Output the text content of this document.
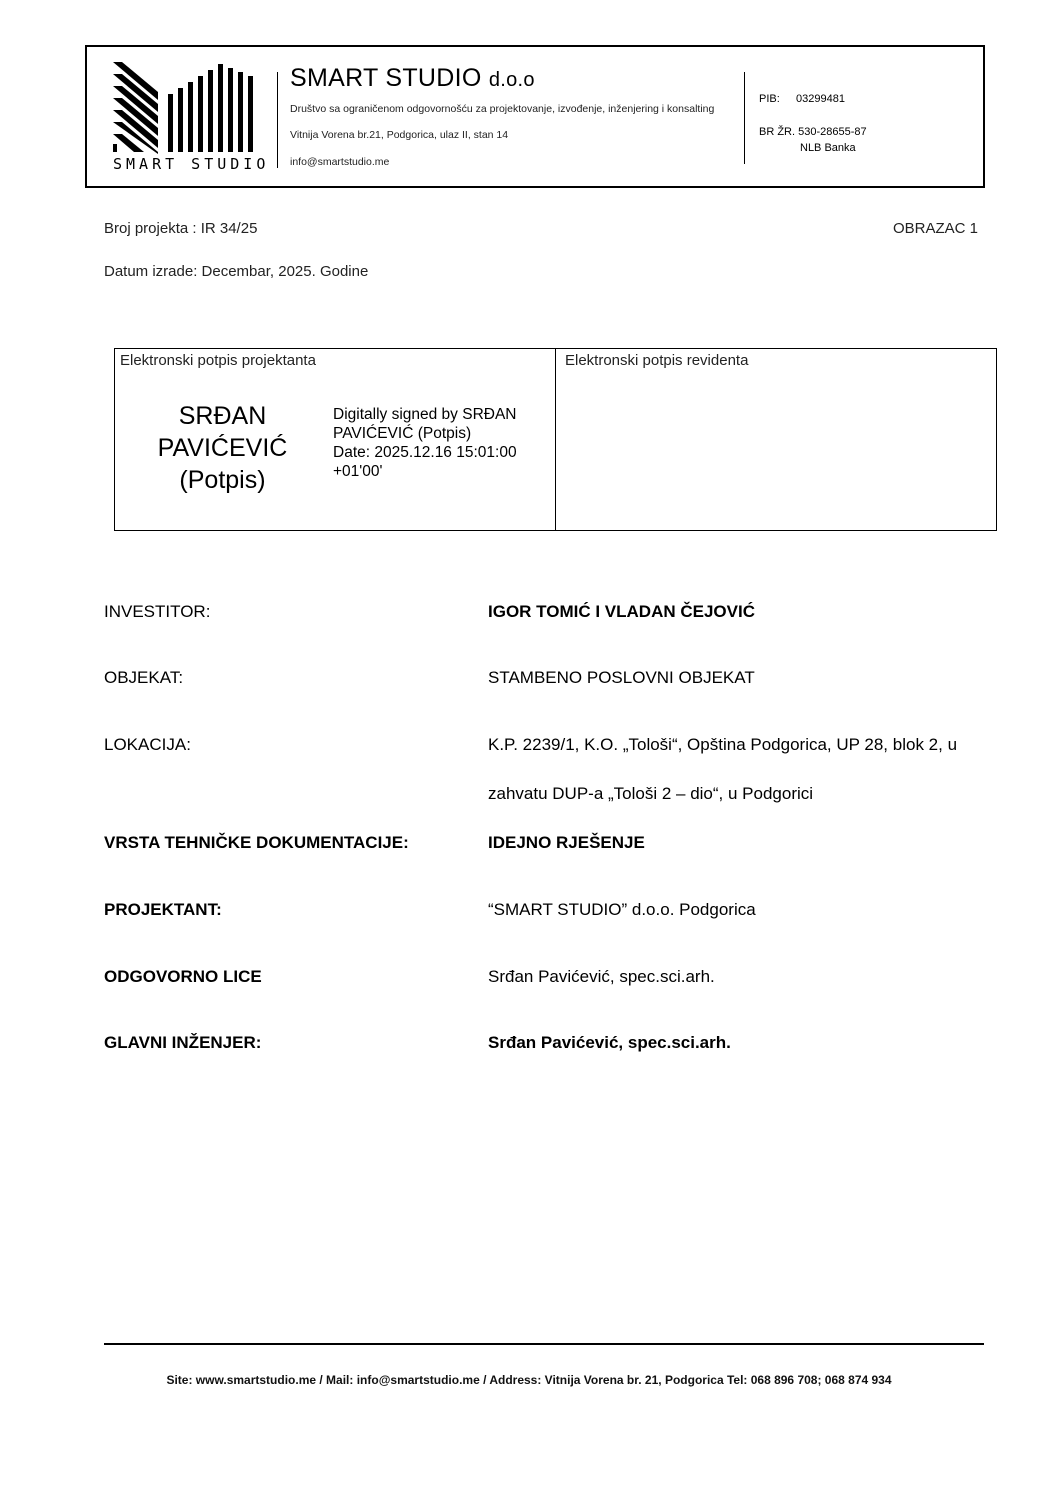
SMART STUDIO
SMART STUDIO d.o.o
Društvo sa ograničenom odgovornošću za projektovanje, izvođenje, inženjering i konsalting
Vitnija Vorena br.21, Podgorica, ulaz II, stan 14
info@smartstudio.me
PIB: 03299481
BR ŽR. 530-28655-87
NLB Banka
Broj projekta : IR 34/25	OBRAZAC 1
Datum izrade: Decembar, 2025. Godine
Elektronski potpis projektanta	Elektronski potpis revidenta
SRĐAN
PAVIĆEVIĆ
(Potpis)
Digitally signed by SRĐAN
PAVIĆEVIĆ (Potpis)
Date: 2025.12.16 15:01:00
+01'00'
INVESTITOR:	IGOR TOMIĆ I VLADAN ČEJOVIĆ
OBJEKAT:	STAMBENO POSLOVNI OBJEKAT
LOKACIJA:	K.P. 2239/1, K.O. „Tološi“, Opština Podgorica, UP 28, blok 2, u
zahvatu DUP-a „Tološi 2 – dio“, u Podgorici
VRSTA TEHNIČKE DOKUMENTACIJE:	IDEJNO RJEŠENJE
PROJEKTANT:	“SMART STUDIO” d.o.o. Podgorica
ODGOVORNO LICE	Srđan Pavićević, spec.sci.arh.
GLAVNI INŽENJER:	Srđan Pavićević, spec.sci.arh.
Site: www.smartstudio.me / Mail: info@smartstudio.me / Address: Vitnija Vorena br. 21, Podgorica Tel: 068 896 708; 068 874 934
